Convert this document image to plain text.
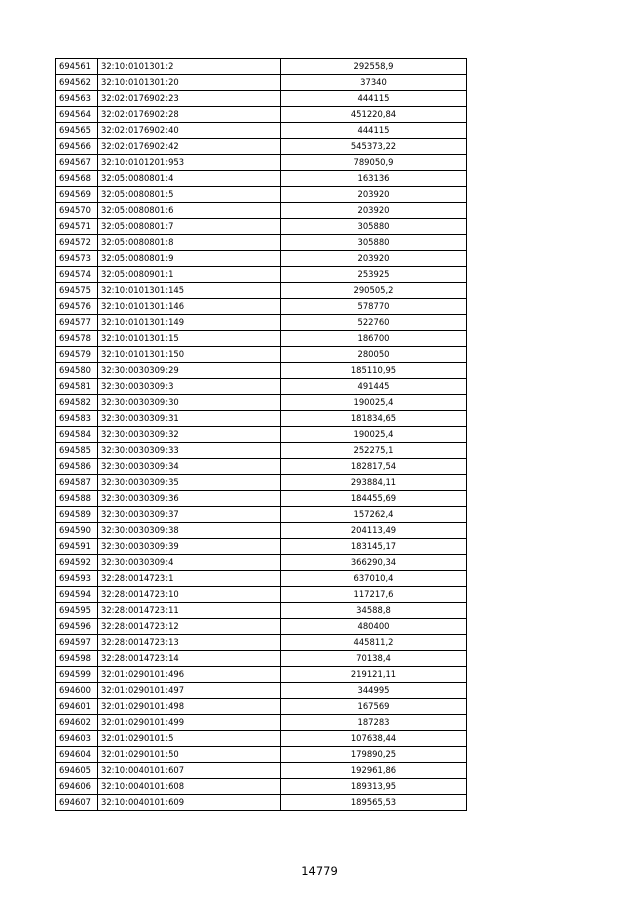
694561	32:10:0101301:2	292558,9
694562	32:10:0101301:20	37340
694563	32:02:0176902:23	444115
694564	32:02:0176902:28	451220,84
694565	32:02:0176902:40	444115
694566	32:02:0176902:42	545373,22
694567	32:10:0101201:953	789050,9
694568	32:05:0080801:4	163136
694569	32:05:0080801:5	203920
694570	32:05:0080801:6	203920
694571	32:05:0080801:7	305880
694572	32:05:0080801:8	305880
694573	32:05:0080801:9	203920
694574	32:05:0080901:1	253925
694575	32:10:0101301:145	290505,2
694576	32:10:0101301:146	578770
694577	32:10:0101301:149	522760
694578	32:10:0101301:15	186700
694579	32:10:0101301:150	280050
694580	32:30:0030309:29	185110,95
694581	32:30:0030309:3	491445
694582	32:30:0030309:30	190025,4
694583	32:30:0030309:31	181834,65
694584	32:30:0030309:32	190025,4
694585	32:30:0030309:33	252275,1
694586	32:30:0030309:34	182817,54
694587	32:30:0030309:35	293884,11
694588	32:30:0030309:36	184455,69
694589	32:30:0030309:37	157262,4
694590	32:30:0030309:38	204113,49
694591	32:30:0030309:39	183145,17
694592	32:30:0030309:4	366290,34
694593	32:28:0014723:1	637010,4
694594	32:28:0014723:10	117217,6
694595	32:28:0014723:11	34588,8
694596	32:28:0014723:12	480400
694597	32:28:0014723:13	445811,2
694598	32:28:0014723:14	70138,4
694599	32:01:0290101:496	219121,11
694600	32:01:0290101:497	344995
694601	32:01:0290101:498	167569
694602	32:01:0290101:499	187283
694603	32:01:0290101:5	107638,44
694604	32:01:0290101:50	179890,25
694605	32:10:0040101:607	192961,86
694606	32:10:0040101:608	189313,95
694607	32:10:0040101:609	189565,53
14779
